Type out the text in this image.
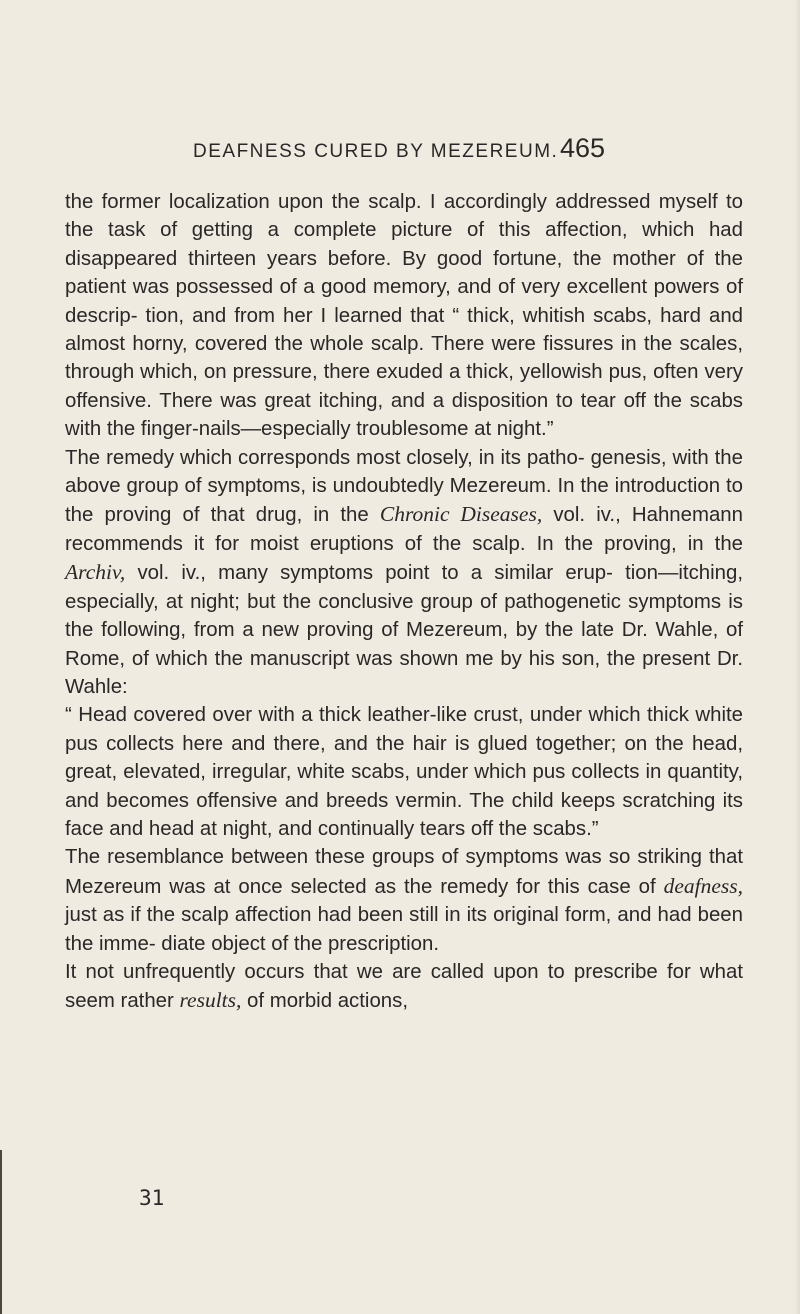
DEAFNESS CURED BY MEZEREUM. 465

the former localization upon the scalp. I accordingly addressed myself to the task of getting a complete picture of this affection, which had disappeared thirteen years before. By good fortune, the mother of the patient was possessed of a good memory, and of very excellent powers of descrip- tion, and from her I learned that “ thick, whitish scabs, hard and almost horny, covered the whole scalp. There were fissures in the scales, through which, on pressure, there exuded a thick, yellowish pus, often very offensive. There was great itching, and a disposition to tear off the scabs with the finger-nails—especially troublesome at night.”

The remedy which corresponds most closely, in its patho- genesis, with the above group of symptoms, is undoubtedly Mezereum. In the introduction to the proving of that drug, in the Chronic Diseases, vol. iv., Hahnemann recommends it for moist eruptions of the scalp. In the proving, in the Archiv, vol. iv., many symptoms point to a similar erup- tion—itching, especially, at night; but the conclusive group of pathogenetic symptoms is the following, from a new proving of Mezereum, by the late Dr. Wahle, of Rome, of which the manuscript was shown me by his son, the present Dr. Wahle:

“ Head covered over with a thick leather-like crust, under which thick white pus collects here and there, and the hair is glued together; on the head, great, elevated, irregular, white scabs, under which pus collects in quantity, and becomes offensive and breeds vermin. The child keeps scratching its face and head at night, and continually tears off the scabs.”

The resemblance between these groups of symptoms was so striking that Mezereum was at once selected as the remedy for this case of deafness, just as if the scalp affection had been still in its original form, and had been the imme- diate object of the prescription.

It not unfrequently occurs that we are called upon to prescribe for what seem rather results, of morbid actions,

31
